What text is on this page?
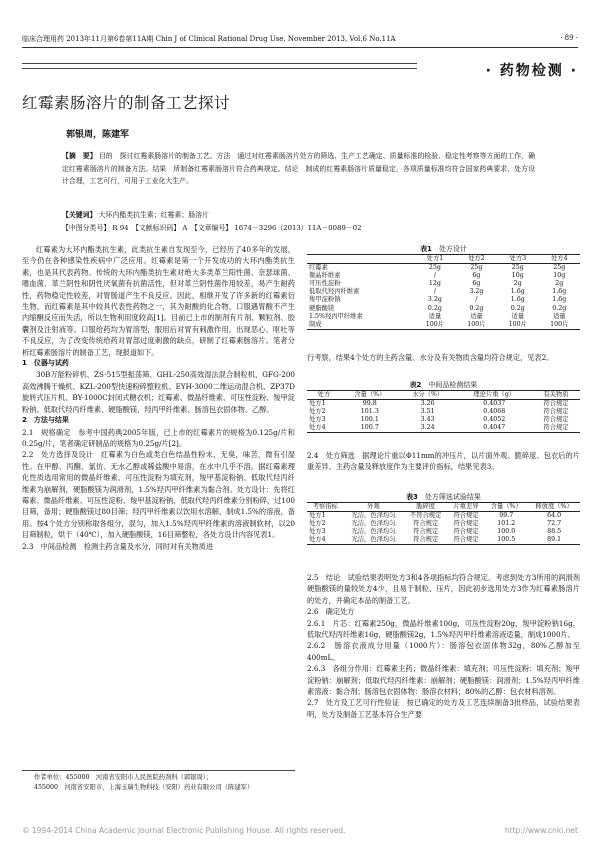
临床合理用药 2013年11月第6卷第11A期 Chin J of Clinical Rational Drug Use, November 2013, Vol.6 No.11A	· 89 ·
· 药物检测 ·
红霉素肠溶片的制备工艺探讨
郭银周，陈建军
【摘　要】 目的　探讨红霉素肠溶片的制备工艺。方法　通过对红霉素肠溶片处方的筛选、生产工艺确定、质量标准的检验、稳定性考察等方面的工作，确定红霉素肠溶片的制备方法。结果　所制备红霉素肠溶片符合药典规定。结论　制成的红霉素肠溶片质量稳定，各项质量标准均符合国家药典要求，处方设计合理，工艺可行，可用于工业化大生产。
【关键词】 大环内酯类抗生素；红霉素；肠溶片
【中图分类号】 R 94　【文献标识码】 A　【文章编号】 1674－3296（2013）11A－0089－02

红霉素为大环内酯类抗生素，此类抗生素自发现至今，已经历了40多年的发展，至今仍在各种感染性疾病中广泛应用。红霉素是第一个开发成功的大环内酯类抗生素，也是其代表药物。传统的大环内酯类抗生素对绝大多类革兰阳性菌、奈瑟球菌、嗜血菌、革兰阴性和阴性厌氧菌有抗菌活性，但对革兰阴性菌作用较差，易产生耐药性，药物稳定性较差，对胃肠道产生不良反应。因此，相继开发了许多新的红霉素衍生物，而红霉素是其中较具代表性药物之一，其为耐酸的化合物，口服遇胃酸不产生内缩酮反应而失活，所以生物利用度较高[1]。目前已上市的制剂有片剂、颗粒剂、胶囊剂及注射液等。口服给药均为胃溶型，服用后对胃有刺激作用，出现恶心、呕吐等不良反应，为了改变传统给药对胃部过度刺激的缺点，研制了红霉素肠溶片。笔者分析红霉素肠溶片的制备工艺，现报道如下。

1　仪器与试药

30B万能粉碎机、ZS-515型振荡筛、GHL-250高效湿法混合制粒机、GFG-200高效沸腾干燥机、KZL-200型快速粉碎整粒机、EYH-3000二维运动混合机、ZP37D旋转式压片机、BY-1000C封闭式糖衣机；红霉素、微晶纤维素、可压性淀粉、羧甲淀粉钠、低取代羟丙纤维素、硬脂酸镁、羟丙甲纤维素、肠溶包衣固体物、乙醇。

2　方法与结果

2.1　规格确定　参考中国药典2005年版，已上市的红霉素片的规格为0.125g/片和0.25g/片，笔者确定研制品的规格为0.25g/片[2]。

2.2　处方选择及设计　红霉素为白色或类白色结晶性粉末，无臭，味苦，微有引湿性。在甲醇、丙酮、氯仿、无水乙醇或稀盐酸中易溶，在水中几乎不溶。据红霉素理化性质选用常用的微晶纤维素、可压性淀粉为填充剂，羧甲基淀粉钠、低取代羟丙纤维素为崩解剂，硬脂酸镁为润滑剂，1.5%羟丙甲纤维素为黏合剂。处方设计：先将红霉素、微晶纤维素、可压性淀粉、羧甲基淀粉钠、低取代羟丙纤维素分别粉碎，过100目筛，备用；硬脂酸镁过80目筛；羟丙甲纤维素以饮用水溶解，制成1.5%的溶液，备用。按4个处方分别称取各组分，混匀，加入1.5%羟丙甲纤维素的溶液制软材，以20目筛制粒，烘干（40℃），加入硬脂酸镁，16目筛整粒，各处方设计内容见表1。

2.3　中间品检测　检测主药含量及水分，同时对有关物质进

作者单位：455000　河南省安阳市人民医院药剂科（郭银周）；

455000　河南省安阳市，上海玉瑞生物科技（安阳）药业有限公司（陈建军）

表1　 处方设计
	处方1	处方2	处方3	处方4
红霉素	25g	25g	25g	25g
微晶纤维素	/	6g	10g	10g
可压性淀粉	12g	6g	2g	2g
低取代羟丙纤维素	/	3.2g	1.6g	1.6g
羧甲淀粉钠	3.2g	/	1.6g	1.6g
硬脂酸镁	0.2g	0.2g	0.2g	0.2g
1.5%羟丙甲纤维素	适量	适量	适量	适量
制成	100片	100片	100片	100片

行考察，结果4个处方的主药含量、水分及有关物质含量均符合规定，见表2。

表2　 中间品检测结果
处方	含量（%）	水分（%）	理论片重（g）	有关物质
处方1	99.8	3.26	0.4037	符合规定
处方2	101.3	3.51	0.4068	符合规定
处方3	100.1	3.43	0.4052	符合规定
处方4	100.7	3.24	0.4047	符合规定

2.4　处方筛选　据理论片重以Φ11mm的冲压片，以片面外观、脆碎度、包衣后的片重差异、主药含量及释放度作为主要评价指标，结果见表3。

表3　 处方筛选试验结果
考察指标	外观	脆碎度	片重差异	含量（%）	释放度（%）
处方1	光洁，色泽均匀	不符合规定	符合规定	99.7	64.0
处方2	光洁，色泽均匀	符合规定	符合规定	101.2	72.7
处方3	光洁，色泽均匀	符合规定	符合规定	100.0	88.5
处方4	光洁，色泽均匀	符合规定	符合规定	100.5	89.1

2.5　结论　试验结果表明处方3和4各项指标均符合规定。考虑到处方3所用的润滑剂硬脂酸镁的量较处方4少，且易于制粒、压片，因此初步选用处方3作为红霉素肠溶片的处方，并确定本品的制备工艺。

2.6　确定处方

2.6.1　片芯：红霉素250g，微晶纤维素100g，可压性淀粉20g，羧甲淀粉钠16g，低取代羟丙纤维素16g，硬脂酸镁2g，1.5%羟丙甲纤维素溶液适量，制成1000片。

2.6.2　肠溶衣液成分用量（1000片）：肠溶包衣固体物32g，80%乙醇加至400mL。

2.6.3　各组分作用：红霉素主药；微晶纤维素：填充剂；可压性淀粉：填充剂；羧甲淀粉钠：崩解剂；低取代羟丙纤维素：崩解剂；硬脂酸镁：润滑剂；1.5%羟丙甲纤维素溶液：黏合剂；肠溶包衣固体物：肠溶衣材料；80%的乙醇：包衣材料溶剂。

2.7　处方及工艺可行性验证　按已确定的处方及工艺连续制备3批样品，试验结果表明，处方及制备工艺基本符合生产要

© 1994-2014 China Academic Journal Electronic Publishing House. All rights reserved.	http://www.cnki.net
